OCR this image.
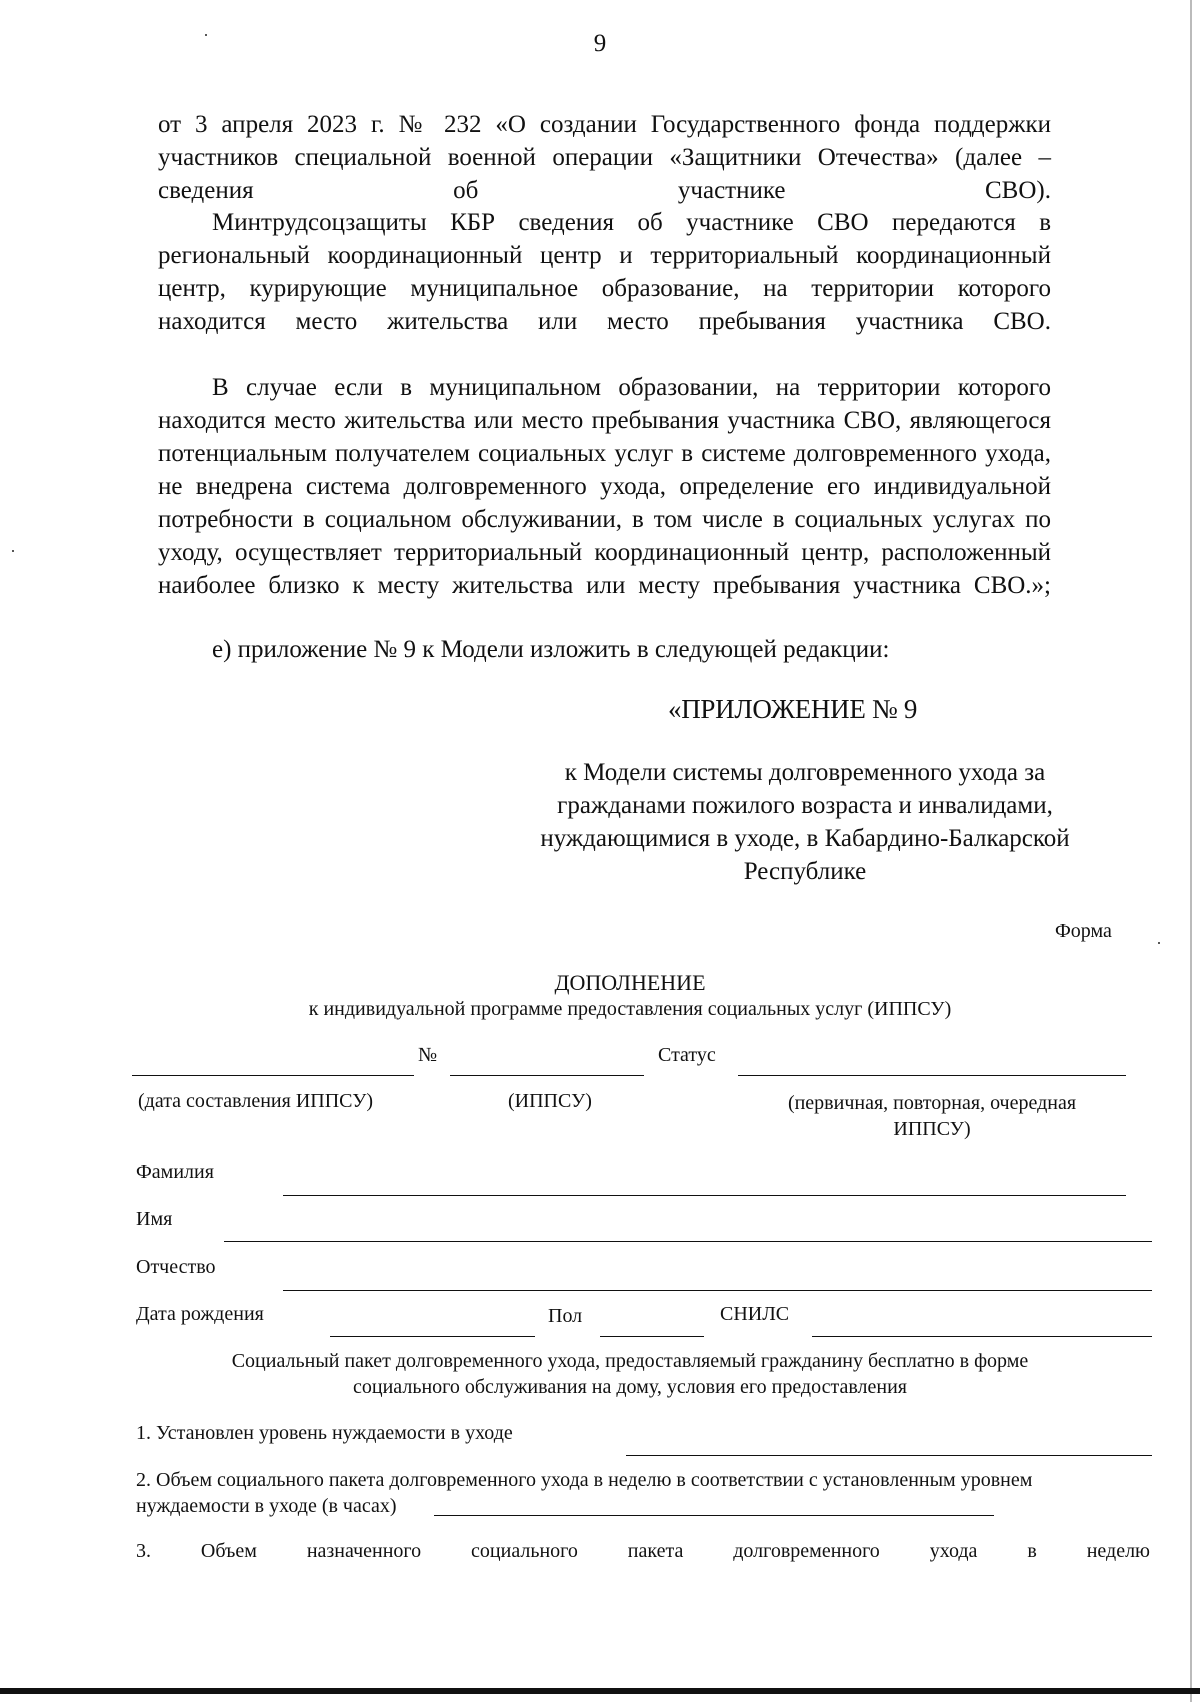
9
от 3 апреля 2023 г. № 232 «О создании Государственного фонда поддержки участников специальной военной операции «Защитники Отечества» (далее – сведения об участнике СВО).
Минтрудсоцзащиты КБР сведения об участнике СВО передаются в региональный координационный центр и территориальный координационный центр, курирующие муниципальное образование, на территории которого находится место жительства или место пребывания участника СВО.
В случае если в муниципальном образовании, на территории которого находится место жительства или место пребывания участника СВО, являющегося потенциальным получателем социальных услуг в системе долговременного ухода, не внедрена система долговременного ухода, определение его индивидуальной потребности в социальном обслуживании, в том числе в социальных услугах по уходу, осуществляет территориальный координационный центр, расположенный наиболее близко к месту жительства или месту пребывания участника СВО.»;
е) приложение № 9 к Модели изложить в следующей редакции:
«ПРИЛОЖЕНИЕ № 9
к Модели системы долговременного ухода за гражданами пожилого возраста и инвалидами, нуждающимися в уходе, в Кабардино-Балкарской Республике
Форма
ДОПОЛНЕНИЕ
к индивидуальной программе предоставления социальных услуг (ИППСУ)
№	Статус
(дата составления ИППСУ)	(ИППСУ)	(первичная, повторная, очередная ИППСУ)
Фамилия
Имя
Отчество
Дата рождения	Пол	СНИЛС
Социальный пакет долговременного ухода, предоставляемый гражданину бесплатно в форме социального обслуживания на дому, условия его предоставления
1. Установлен уровень нуждаемости в уходе
2. Объем социального пакета долговременного ухода в неделю в соответствии с установленным уровнем
нуждаемости в уходе (в часах)
3. Объем назначенного социального пакета долговременного ухода в неделю
